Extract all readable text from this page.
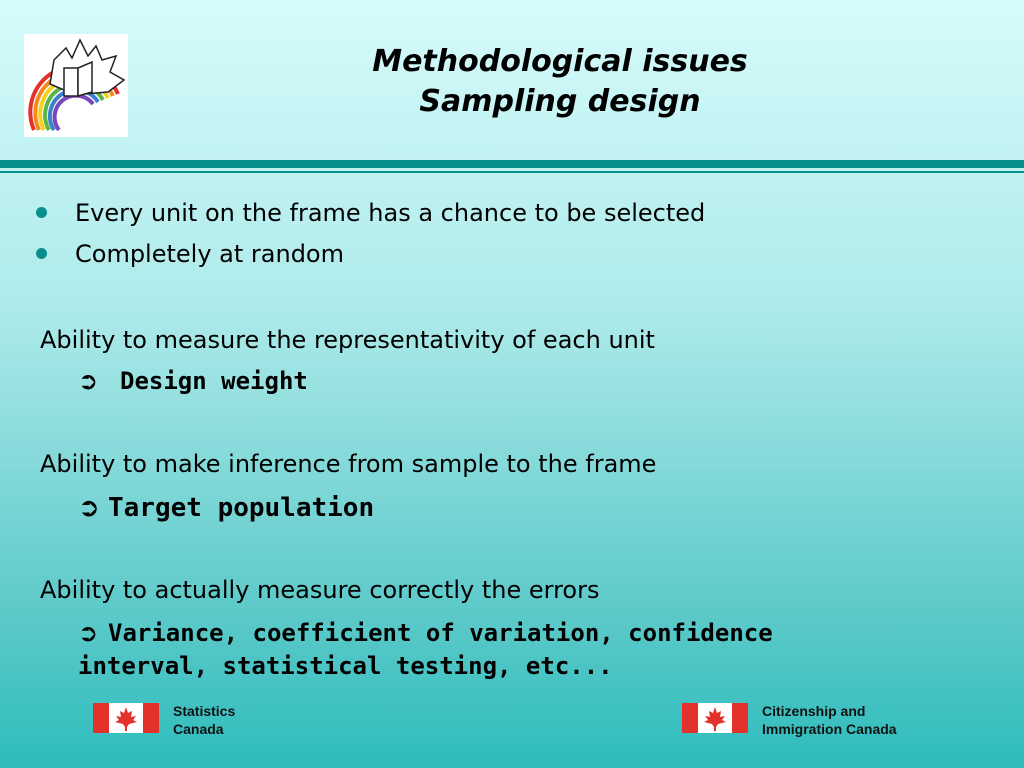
Methodological issues
Sampling design
Every unit on the frame has a chance to be selected
Completely at random
Ability to measure the representativity of each unit
➲ Design weight
Ability to make inference from sample to the frame
➲ Target population
Ability to actually measure correctly the errors
➲ Variance, coefficient of variation, confidence interval, statistical testing, etc...
Statistics
Canada
Citizenship and
Immigration Canada
